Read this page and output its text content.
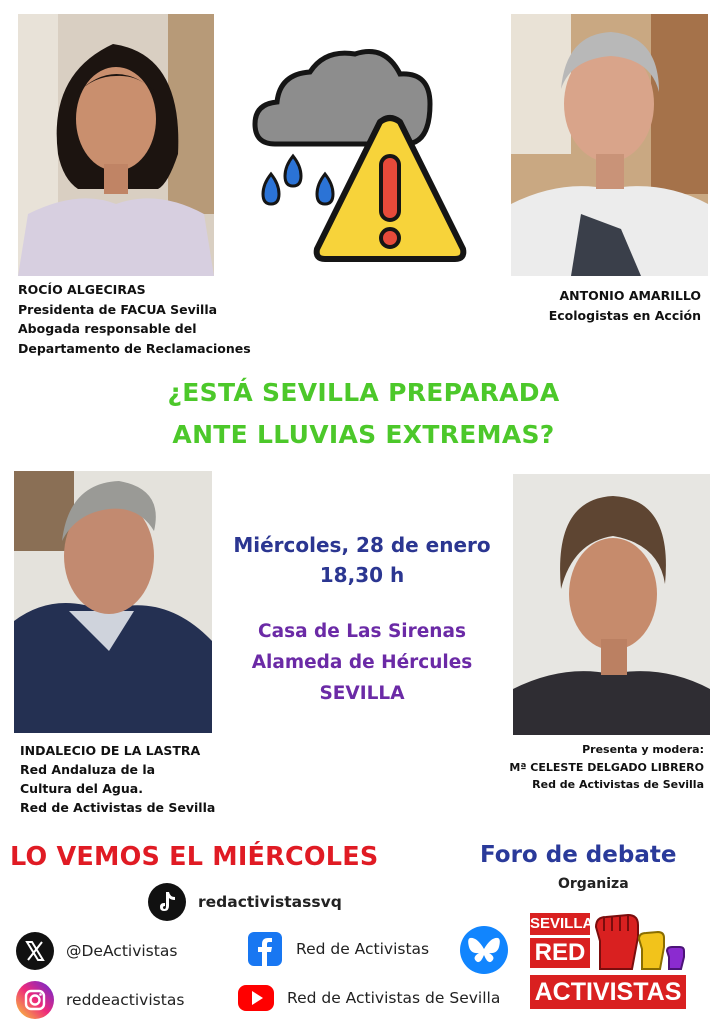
ROCÍO ALGECIRAS
Presidenta de FACUA Sevilla
Abogada responsable del
Departamento de Reclamaciones
ANTONIO AMARILLO
Ecologistas en Acción
¿ESTÁ SEVILLA PREPARADA
ANTE LLUVIAS EXTREMAS?
Miércoles, 28 de enero
18,30 h
Casa de Las Sirenas
Alameda de Hércules
SEVILLA
INDALECIO DE LA LASTRA
Red Andaluza de la
Cultura del Agua.
Red de Activistas de Sevilla
Presenta y modera:
Mª CELESTE DELGADO LIBRERO
Red de Activistas de Sevilla
LO VEMOS EL MIÉRCOLES	Foro de debate
Organiza
redactivistassvq
@DeActivistas	Red de Activistas
reddeactivistas	Red de Activistas de Sevilla
SEVILLA
RED
ACTIVISTAS
